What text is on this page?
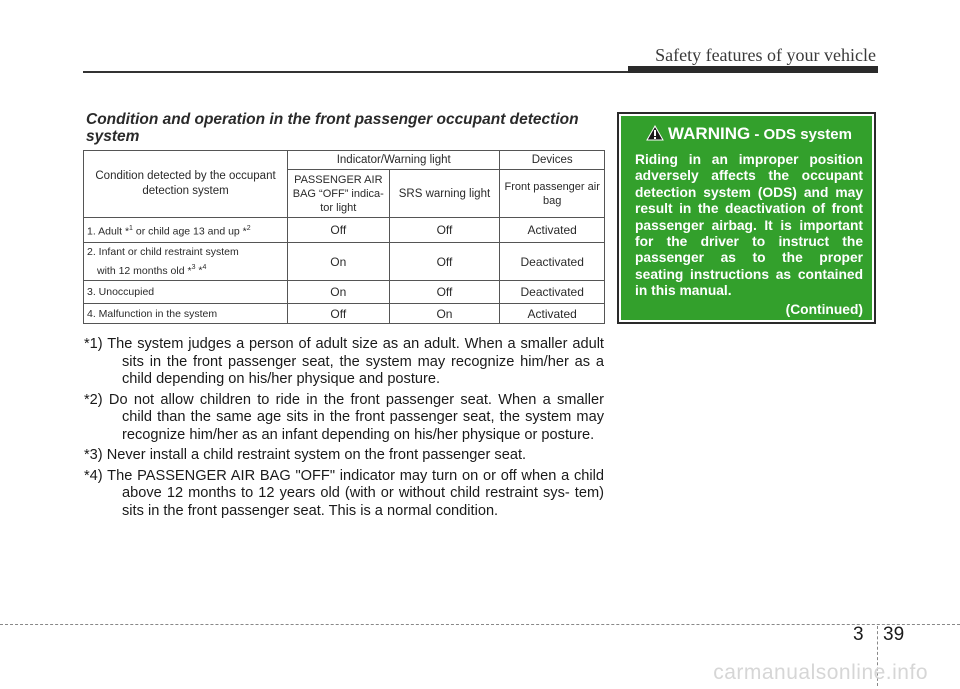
Safety features of your vehicle
Condition and operation in the front passenger occupant detection system
Condition detected by the occupant detection system	Indicator/Warning light		Devices
	PASSENGER AIR BAG “OFF” indica- tor light	SRS warning light	Front passenger air bag
1. Adult *$^1$ or child age 13 and up *$^2$	Off	Off	Activated
2. Infant or child restraint system
with 12 months old *$^3$ *$^4$	On	Off	Deactivated
3. Unoccupied	On	Off	Deactivated
4. Malfunction in the system	Off	On	Activated

*1) The system judges a person of adult size as an adult. When a smaller adult sits in the front passenger seat, the system may recognize him/her as a child depending on his/her physique and posture.

*2) Do not allow children to ride in the front passenger seat. When a smaller child than the same age sits in the front passenger seat, the system may recognize him/her as an infant depending on his/her physique or posture.

*3) Never install a child restraint system on the front passenger seat.

*4) The PASSENGER AIR BAG "OFF" indicator may turn on or off when a child above 12 months to 12 years old (with or without child restraint sys- tem) sits in the front passenger seat. This is a normal condition.

WARNING - ODS system

Riding in an improper position adversely affects the occupant detection system (ODS) and may result in the deactivation of front passenger airbag. It is important for the driver to instruct the passenger as to the proper seating instructions as contained in this manual.

(Continued)
3 39
carmanualsonline.info
